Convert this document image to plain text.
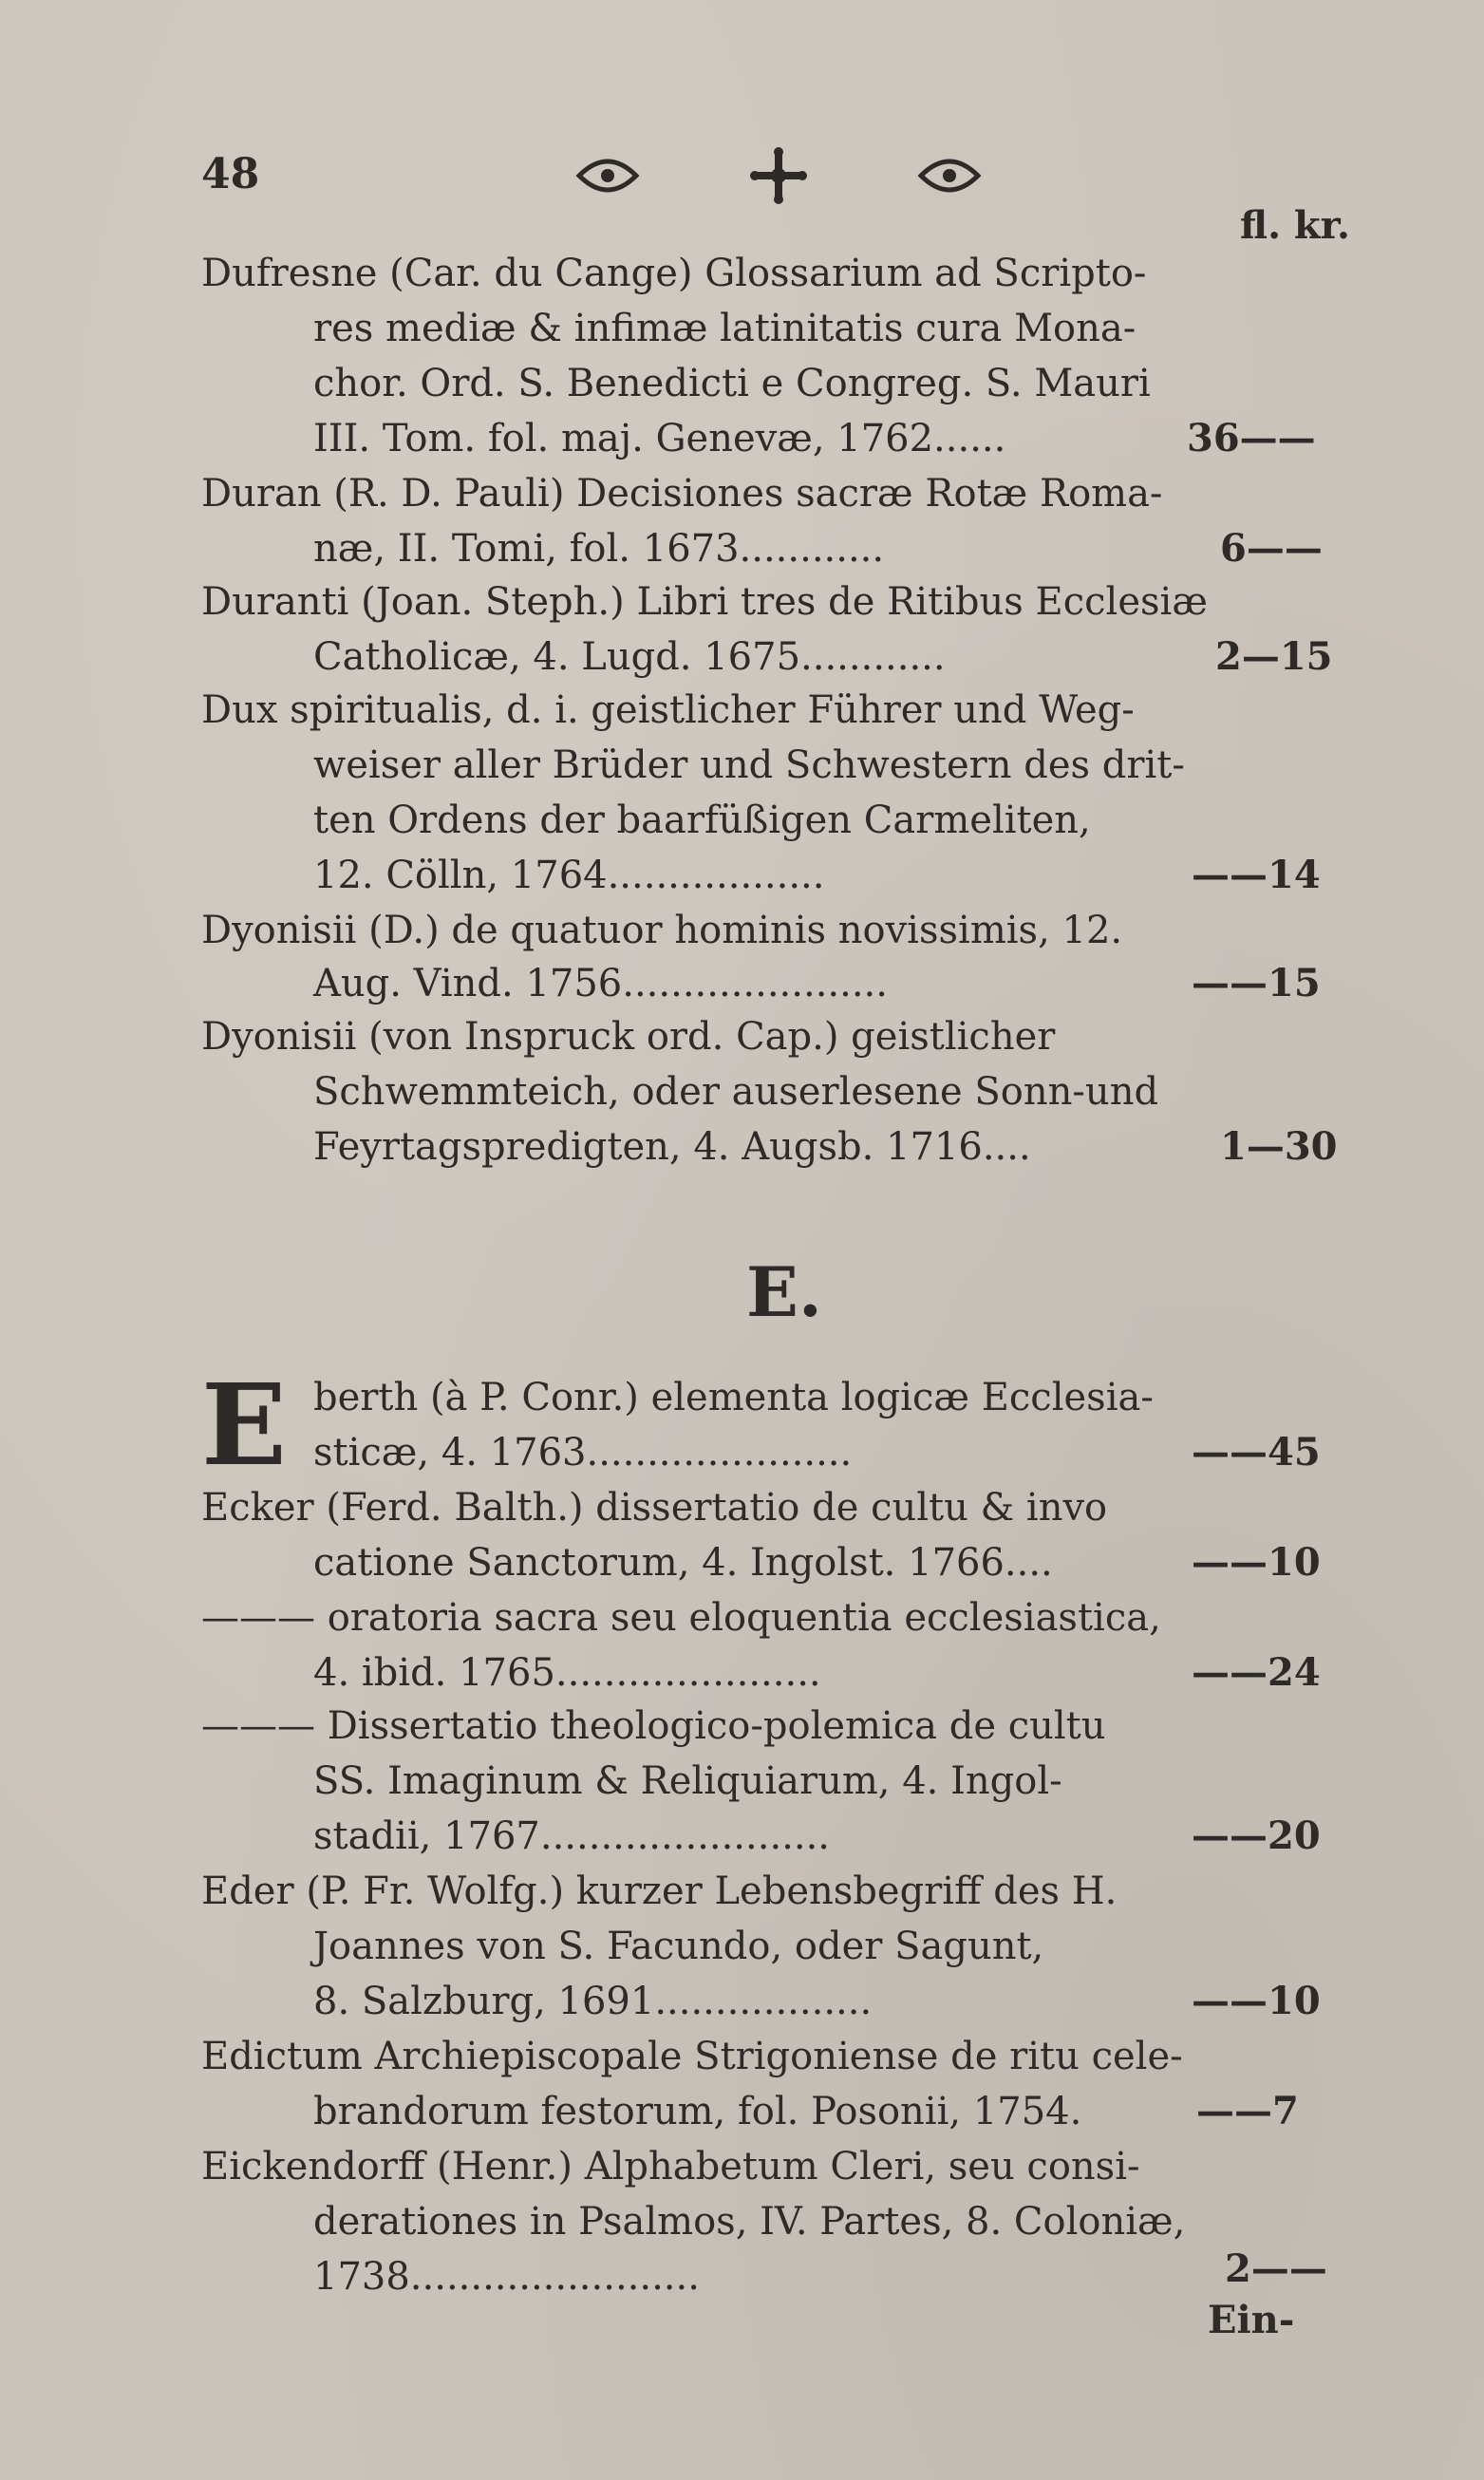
48
fl. kr.
Dufresne (Car. du Cange) Glossarium ad Scripto-
res mediæ & infimæ latinitatis cura Mona-
chor. Ord. S. Benedicti e Congreg. S. Mauri
III. Tom. fol. maj. Genevæ, 1762......	36——
Duran (R. D. Pauli) Decisiones sacræ Rotæ Roma-
næ, II. Tomi, fol. 1673............	6——
Duranti (Joan. Steph.) Libri tres de Ritibus Ecclesiæ
Catholicæ, 4. Lugd. 1675............	2—15
Dux spiritualis, d. i. geistlicher Führer und Weg-
weiser aller Brüder und Schwestern des drit-
ten Ordens der baarfüßigen Carmeliten,
12. Cölln, 1764..................	——14
Dyonisii (D.) de quatuor hominis novissimis, 12.
Aug. Vind. 1756......................	——15
Dyonisii (von Inspruck ord. Cap.) geistlicher
Schwemmteich, oder auserlesene Sonn-und
Feyrtagspredigten, 4. Augsb. 1716....	1—30
E.
E berth (à P. Conr.) elementa logicæ Ecclesia-
sticæ, 4. 1763......................	——45
Ecker (Ferd. Balth.) dissertatio de cultu & invo
catione Sanctorum, 4. Ingolst. 1766....	——10
——— oratoria sacra seu eloquentia ecclesiastica,
4. ibid. 1765......................	——24
——— Dissertatio theologico-polemica de cultu
SS. Imaginum & Reliquiarum, 4. Ingol-
stadii, 1767........................	——20
Eder (P. Fr. Wolfg.) kurzer Lebensbegriff des H.
Joannes von S. Facundo, oder Sagunt,
8. Salzburg, 1691..................	——10
Edictum Archiepiscopale Strigoniense de ritu cele-
brandorum festorum, fol. Posonii, 1754.	——7
Eickendorff (Henr.) Alphabetum Cleri, seu consi-
derationes in Psalmos, IV. Partes, 8. Coloniæ,
1738........................	2——
Ein-
